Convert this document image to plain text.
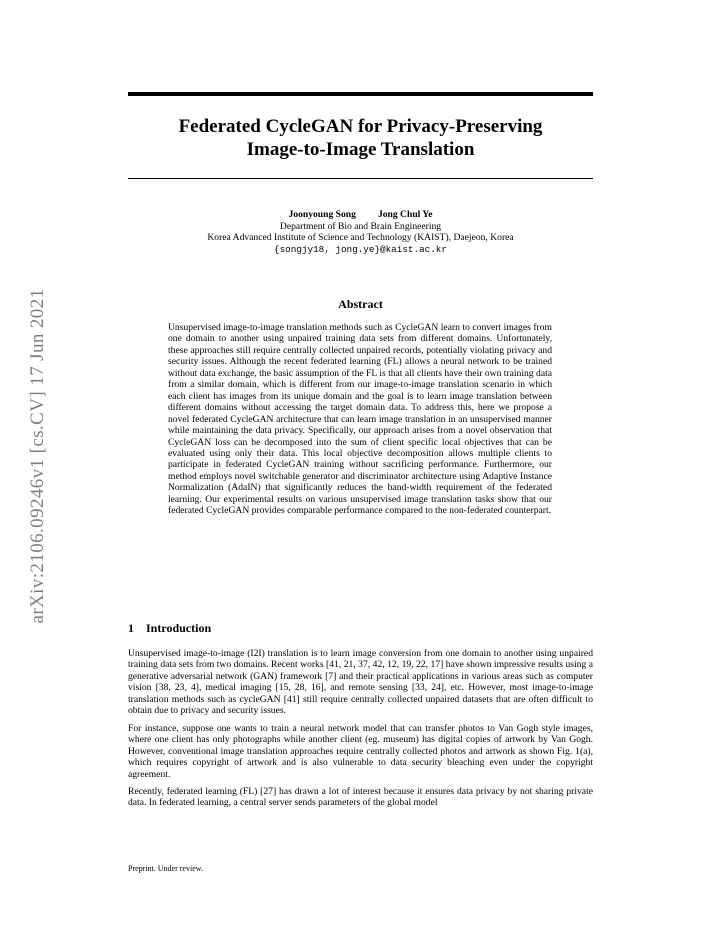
arXiv:2106.09246v1 [cs.CV] 17 Jun 2021
Federated CycleGAN for Privacy-Preserving
Image-to-Image Translation
Joonyoung Song Jong Chul Ye
Department of Bio and Brain Engineering
Korea Advanced Institute of Science and Technology (KAIST), Daejeon, Korea
{songjy18, jong.ye}@kaist.ac.kr
Abstract
Unsupervised image-to-image translation methods such as CycleGAN learn to convert images from one domain to another using unpaired training data sets from different domains. Unfortunately, these approaches still require centrally collected unpaired records, potentially violating privacy and security issues. Although the recent federated learning (FL) allows a neural network to be trained without data exchange, the basic assumption of the FL is that all clients have their own training data from a similar domain, which is different from our image-to-image translation scenario in which each client has images from its unique domain and the goal is to learn image translation between different domains without accessing the target domain data. To address this, here we propose a novel federated CycleGAN architecture that can learn image translation in an unsupervised manner while maintaining the data privacy. Specifically, our approach arises from a novel observation that CycleGAN loss can be decomposed into the sum of client specific local objectives that can be evaluated using only their data. This local objective decomposition allows multiple clients to participate in federated CycleGAN training without sacrificing performance. Furthermore, our method employs novel switchable generator and discriminator architecture using Adaptive Instance Normalization (AdaIN) that significantly reduces the band-width requirement of the federated learning. Our experimental results on various unsupervised image translation tasks show that our federated CycleGAN provides comparable performance compared to the non-federated counterpart.
1 Introduction

Unsupervised image-to-image (I2I) translation is to learn image conversion from one domain to another using unpaired training data sets from two domains. Recent works [41, 21, 37, 42, 12, 19, 22, 17] have shown impressive results using a generative adversarial network (GAN) framework [7] and their practical applications in various areas such as computer vision [38, 23, 4], medical imaging [15, 28, 16], and remote sensing [33, 24], etc. However, most image-to-image translation methods such as cycleGAN [41] still require centrally collected unpaired datasets that are often difficult to obtain due to privacy and security issues.

For instance, suppose one wants to train a neural network model that can transfer photos to Van Gogh style images, where one client has only photographs while another client (eg. museum) has digital copies of artwork by Van Gogh. However, conventional image translation approaches require centrally collected photos and artwork as shown Fig. 1(a), which requires copyright of artwork and is also vulnerable to data security bleaching even under the copyright agreement.

Recently, federated learning (FL) [27] has drawn a lot of interest because it ensures data privacy by not sharing private data. In federated learning, a central server sends parameters of the global model

Preprint. Under review.
